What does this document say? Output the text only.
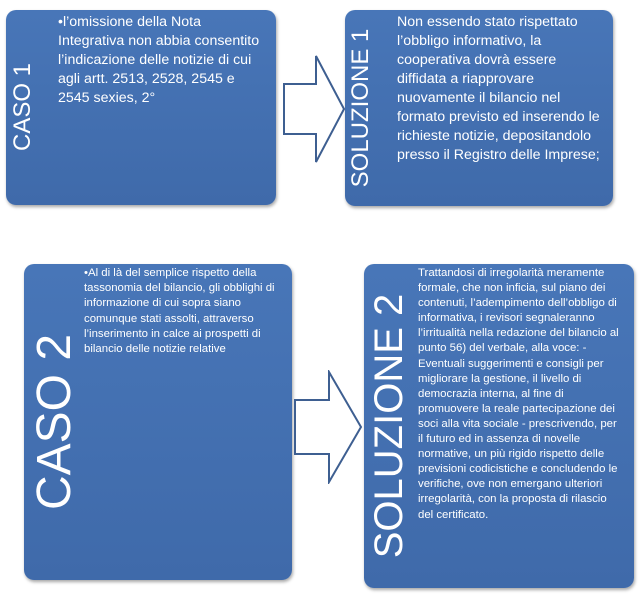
CASO 1

•l’omissione della Nota Integrativa non abbia consentito l’indicazione delle notizie di cui agli artt. 2513, 2528, 2545 e 2545 sexies, 2°	SOLUZIONE 1

Non essendo stato rispettato l’obbligo informativo, la cooperativa dovrà essere diffidata a riapprovare nuovamente il bilancio nel formato previsto ed inserendo le richieste notizie, depositandolo presso il Registro delle Imprese;

CASO 2

•Al di là del semplice rispetto della tassonomia del bilancio, gli obblighi di informazione di cui sopra siano comunque stati assolti, attraverso l’inserimento in calce ai prospetti di bilancio delle notizie relative	SOLUZIONE 2

Trattandosi di irregolarità meramente formale, che non inficia, sul piano dei contenuti, l’adempimento dell’obbligo di informativa, i revisori segnaleranno l’irritualità nella redazione del bilancio al punto 56) del verbale, alla voce: - Eventuali suggerimenti e consigli per migliorare la gestione, il livello di democrazia interna, al fine di promuovere la reale partecipazione dei soci alla vita sociale - prescrivendo, per il futuro ed in assenza di novelle normative, un più rigido rispetto delle previsioni codicistiche e concludendo le verifiche, ove non emergano ulteriori irregolarità, con la proposta di rilascio del certificato.
